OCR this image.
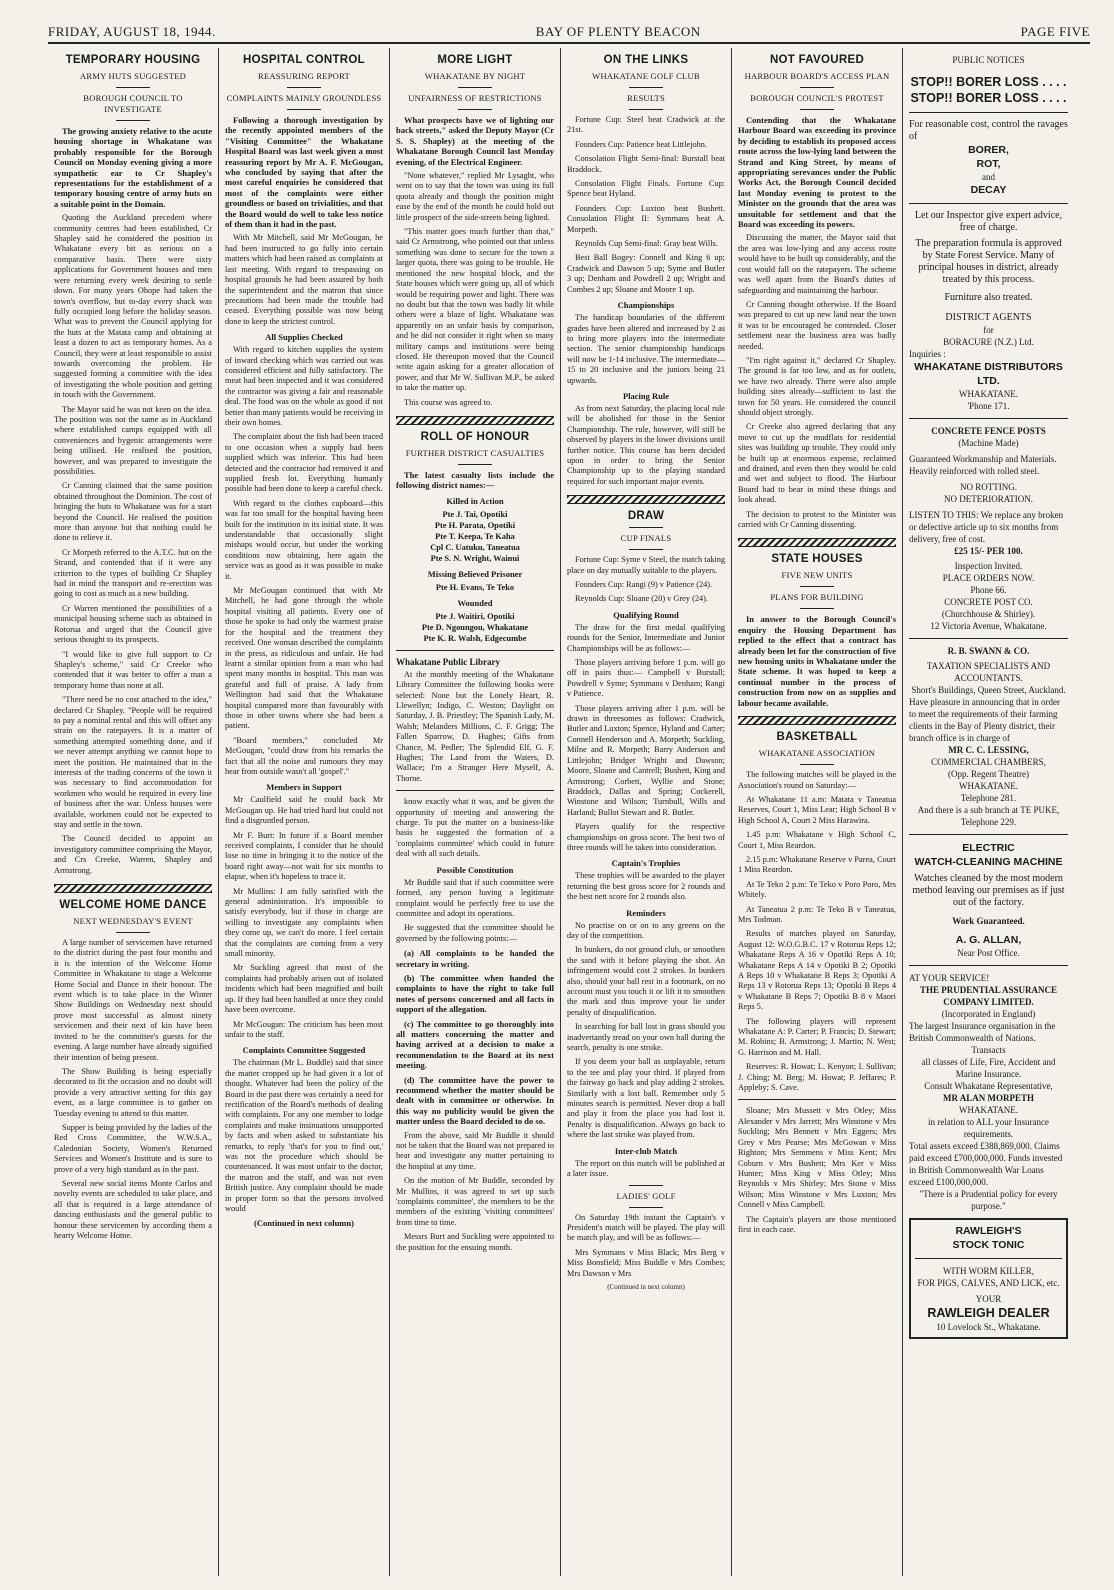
FRIDAY, AUGUST 18, 1944.	BAY OF PLENTY BEACON	PAGE FIVE
TEMPORARY HOUSING
ARMY HUTS SUGGESTED
BOROUGH COUNCIL TO INVESTIGATE

The growing anxiety relative to the acute housing shortage in Whakatane was probably responsible for the Borough Council on Monday evening giving a more sympathetic ear to Cr Shapley's representations for the establishment of a temporary housing centre of army huts on a suitable point in the Domain.

Quoting the Auckland precedent where community centres had been established, Cr Shapley said he considered the position in Whakatane every bit as serious on a comparative basis. There were sixty applications for Government houses and men were returning every week desiring to settle down. For many years Ohope had taken the town's overflow, but to-day every shack was fully occupied long before the holiday season. What was to prevent the Council applying for the huts at the Matata camp and obtaining at least a dozen to act as temporary homes. As a Council, they were at least responsible to assist towards overcoming the problem. He suggested forming a committee with the idea of investigating the whole position and getting in touch with the Government.

The Mayor said he was not keen on the idea. The position was not the same as in Auckland where established camps equipped with all conveniences and hygenic arrangements were being utilised. He realised the position, however, and was prepared to investigate the possibilities.

Cr Canning claimed that the same position obtained throughout the Dominion. The cost of bringing the huts to Whakatane was for a start beyond the Council. He realised the position more than anyone but that nothing could be done to relieve it.

Cr Morpeth referred to the A.T.C. hut on the Strand, and contended that if it were any criterion to the types of building Cr Shapley had in mind the transport and re-erection was going to cost as much as a new building.

Cr Warren mentioned the possibilities of a municipal housing scheme such as obtained in Rotorua and urged that the Council give serious thought to its prospects.

"I would like to give full support to Cr Shapley's scheme," said Cr Creeke who contended that it was better to offer a man a temporary home than none at all.

"There need be no cost attached to the idea," declared Cr Shapley. "People will be required to pay a nominal rental and this will offset any strain on the ratepayers. It is a matter of something attempted something done, and if we never attempt anything we cannot hope to meet the position. He maintained that in the interests of the trading concerns of the town it was necessary to find accommodation for workmen who would be required in every line of business after the war. Unless houses were available, workmen could not be expected to stay and settle in the town.

The Council decided to appoint an investigatory committee comprising the Mayor, and Crs Creeke, Warren, Shapley and Armstrong.

WELCOME HOME DANCE
NEXT WEDNESDAY'S EVENT

A large number of servicemen have returned to the district during the past four months and it is the intention of the Welcome Home Committee in Whakatane to stage a Welcome Home Social and Dance in their honour. The event which is to take place in the Winter Show Buildings on Wednesday next should prove most successful as almost ninety servicemen and their next of kin have been invited to be the committee's guests for the evening. A large number have already signified their intention of being present.

The Show Building is being especially decorated to fit the occasion and no doubt will provide a very attractive setting for this gay event, as a large committee is to gather on Tuesday evening to attend to this matter.

Supper is being provided by the ladies of the Red Cross Committee, the W.W.S.A., Caledonian Society, Women's Returned Services and Women's Institute and is sure to prove of a very high standard as in the past.

Several new social items Monte Carlos and novelty events are scheduled to take place, and all that is required is a large attendance of dancing enthusiasts and the general public to honour these servicemen by according them a hearty Welcome Home.

HOSPITAL CONTROL
REASSURING REPORT
COMPLAINTS MAINLY GROUNDLESS

Following a thorough investigation by the recently appointed members of the "Visiting Committee" the Whakatane Hospital Board was last week given a most reassuring report by Mr A. F. McGougan, who concluded by saying that after the most careful enquiries he considered that most of the complaints were either groundless or based on trivialities, and that the Board would do well to take less notice of them than it had in the past.

With Mr Mitchell, said Mr McGougan, he had been instructed to go fully into certain matters which had been raised as complaints at last meeting. With regard to trespassing on hospital grounds he had been assured by both the superintendent and the matron that since precautions had been made the trouble had ceased. Everything possible was now being done to keep the strictest control.

All Supplies Checked

With regard to kitchen supplies the system of inward checking which was carried out was considered efficient and fully satisfactory. The meat had been inspected and it was considered the contractor was giving a fair and reasonable deal. The food was on the whole as good if not better than many patients would be receiving in their own homes.

The complaint about the fish had been traced to one occasion when a supply had been supplied which was inferior. This had been detected and the contractor had removed it and supplied fresh lot. Everything humanly possible had been done to keep a careful check.

With regard to the clothes cupboard—this was far too small for the hospital having been built for the institution in its initial state. It was understandable that occasionally slight mishaps would occur, but under the working conditions now obtaining, here again the service was as good as it was possible to make it.

Mr McGougan continued that with Mr Mitchell, he had gone through the whole hospital visiting all patients. Every one of those he spoke to had only the warmest praise for the hospital and the treatment they received. One woman described the complaints in the press, as ridiculous and unfair. He had learnt a similar opinion from a man who had spent many months in hospital. This man was grateful and full of praise. A lady from Wellington had said that the Whakatane hospital compared more than favourably with those in other towns where she had been a patient.

"Board members," concluded Mr McGougan, "could draw from his remarks the fact that all the noise and rumours they may hear from outside wasn't all 'gospel'."

Members in Support

Mr Caulfield said he could back Mr McGougan up. He had tried hard but could not find a disgruntled person.

Mr F. Burt: In future if a Board member received complaints, I consider that he should lose no time in bringing it to the notice of the board right away—not wait for six months to elapse, when it's hopeless to trace it.

Mr Mullins: I am fully satisfied with the general administration. It's impossible to satisfy everybody, but if those in charge are willing to investigate any complaints when they come up, we can't do more. I feel certain that the complaints are coming from a very small minority.

Mr Suckling agreed that most of the complaints had probably arisen out of isolated incidents which had been magnified and built up. If they had been handled at once they could have been overcome.

Mr McGougan: The criticism has been most unfair to the staff.

Complaints Committee Suggested

The chairman (Mr L. Buddle) said that since the matter cropped up he had given it a lot of thought. Whatever had been the policy of the Board in the past there was certainly a need for rectification of the Board's methods of dealing with complaints. For any one member to lodge complaints and make insinuations unsupported by facts and when asked to substantiate his remarks, to reply 'that's for you to find out,' was not the procedure which should be countenanced. It was most unfair to the doctor, the matron and the staff, and was not even British justice. Any complaint should be made in proper form so that the persons involved would

(Continued in next column)
MORE LIGHT
WHAKATANE BY NIGHT
UNFAIRNESS OF RESTRICTIONS

What prospects have we of lighting our back streets," asked the Deputy Mayor (Cr S. S. Shapley) at the meeting of the Whakatane Borough Council last Monday evening, of the Electrical Engineer.

"None whatever," replied Mr Lysaght, who went on to say that the town was using its full quota already and though the position might ease by the end of the month he could hold out little prospect of the side-streets being lighted.

"This matter goes much further than that," said Cr Armstrong, who pointed out that unless something was done to secure for the town a larger quota, there was going to be trouble. He mentioned the new hospital block, and the State houses which were going up, all of which would be requiring power and light. There was no doubt but that the town was badly lit while others were a blaze of light. Whakatane was apparently on an unfair basis by comparison, and he did not consider it right when so many military camps and institutions were being closed. He thereupon moved that the Council write again asking for a greater allocation of power, and that Mr W. Sullivan M.P., be asked to take the matter up.

This course was agreed to.

ROLL OF HONOUR
FURTHER DISTRICT CASUALTIES

The latest casualty lists include the following district names:—

Killed in Action
Pte J. Tai, Opotiki
Pte H. Parata, Opotiki
Pte T. Keepa, Te Kaha
Cpl C. Uatuku, Taneatua
Pte S. N. Wright, Wainui
Missing Believed Prisoner
Pte H. Evans, Te Teko
Wounded
Pte J. Waitiri, Opotiki
Pte D. Ngoungou, Whakatane
Pte K. R. Walsh, Edgecumbe
Whakatane Public Library

At the monthly meeting of the Whakatane Library Committee the following books were selected: None but the Lonely Heart, R. Llewellyn; Indigo, C. Weston; Daylight on Saturday, J. B. Priestley; The Spanish Lady, M. Walsh; Melanders Millions, C. F. Grigg; The Fallen Sparrow, D. Hughes; Gifts from Chance, M. Pedler; The Splendid Elf, G. F. Hughes; The Land from the Waters, D. Wallace; I'm a Stranger Here Myself, A. Thorne.

know exactly what it was, and be given the opportunity of meeting and answering the charge. To put the matter on a business-like basis he suggested the formation of a 'complaints committee' which could in future deal with all such details.

Possible Constitution

Mr Buddle said that if such committee were formed, any person having a legitimate complaint would be perfectly free to use the committee and adopt its operations.

He suggested that the committee should be governed by the following points:—

(a) All complaints to be handed the secretary in writing.

(b) The committee when handed the complaints to have the right to take full notes of persons concerned and all facts in support of the allegation.

(c) The committee to go thoroughly into all matters concerning the matter and having arrived at a decision to make a recommendation to the Board at its next meeting.

(d) The committee have the power to recommend whether the matter should be dealt with in committee or otherwise. In this way no publicity would be given the matter unless the Board decided to do so.

From the above, said Mr Buddle it should not be taken that the Board was not prepared to hear and investigate any matter pertaining to the hospital at any time.

On the motion of Mr Buddle, seconded by Mr Mullins, it was agreed to set up such 'complaints committee', the members to be the members of the existing 'visiting committees' from time to time.

Messrs Burt and Suckling were appointed to the position for the ensuing month.

ON THE LINKS
WHAKATANE GOLF CLUB
RESULTS

Fortune Cup: Steel beat Cradwick at the 21st.

Founders Cup: Patience beat Littlejohn.

Consolation Flight Semi-final: Burstall beat Braddock.

Consolation Flight Finals. Fortune Cup: Spence beat Hyland.

Founders Cup: Luxton beat Bushett. Consolation Flight II: Symmans beat A. Morpeth.

Reynolds Cup Semi-final: Gray beat Wills.

Best Ball Bogey: Connell and King 6 up; Cradwick and Dawson 5 up; Syme and Butler 3 up; Denham and Powdrell 2 up; Wright and Combes 2 up; Sloane and Moore 1 up.

Championships

The handicap boundaries of the different grades have been altered and increased by 2 as to bring more players into the intermediate section. The senior championship handicaps will now be 1-14 inclusive. The intermediate—15 to 20 inclusive and the juniors being 21 upwards.

Placing Rule

As from next Saturday, the placing local rule will be abolished for those in the Senior Championship. The rule, however, will still be observed by players in the lower divisions until further notice. This course has been decided upon in order to bring the Senior Championship up to the playing standard required for such important major events.

DRAW
CUP FINALS

Fortune Cup: Syme v Steel, the match taking place on day mutually suitable to the players.

Founders Cup: Rangi (9) v Patience (24).

Reynolds Cup: Sloane (20) v Grey (24).

Qualifying Round

The draw for the first medal qualifying rounds for the Senior, Intermediate and Junior Championships will be as follows:—

Those players arriving before 1 p.m. will go off in pairs thus:— Campbell v Burstall; Powdrell v Syme; Symmans v Denham; Rangi v Patience.

Those players arriving after 1 p.m. will be drawn in threesomes as follows: Cradwick, Butler and Luxton; Spence, Hyland and Carter; Connell Henderson and A. Morpeth; Suckling, Milne and R. Morpeth; Barry Anderson and Littlejohn; Bridger Wright and Dawson; Moore, Sloane and Cantrell; Bushett, King and Armstrong; Corbett, Wyllie and Stone; Braddock, Dallas and Spring; Cockerell, Winstone and Wilson; Turnbull, Wills and Harland; Bullot Stewart and R. Butler.

Players qualify for the respective championships on gross score. The best two of three rounds will be taken into consideration.

Captain's Trophies

These trophies will be awarded to the player returning the best gross score for 2 rounds and the best nett score for 2 rounds also.

Reminders

No practise on or on to any greens on the day of the competition.

In bunkers, do not ground club, or smoothen the sand with it before playing the shot. An infringement would cost 2 strokes. In bunkers also, should your ball rest in a footmark, on no account must you touch it or lift it to smoothen the mark and thus improve your lie under penalty of disqualification.

In searching for ball lost in grass should you inadvertantly tread on your own ball during the search, penalty is one stroke.

If you deem your ball as unplayable, return to the tee and play your third. If played from the fairway go back and play adding 2 strokes. Similarly with a lost ball. Remember only 5 minutes search is permitted. Never drop a ball and play it from the place you had lost it. Penalty is disqualification. Always go back to where the last stroke was played from.

Inter-club Match

The report on this match will be published at a later issue.

LADIES' GOLF

On Saturday 19th instant the Captain's v President's match will be played. The play will be match play, and will be as follows:—

Mrs Symmans v Miss Black; Mrs Berg v Miss Bonsfield; Miss Buddle v Mrs Combes; Mrs Dawson v Mrs

(Continued in next column)
NOT FAVOURED
HARBOUR BOARD'S ACCESS PLAN
BOROUGH COUNCIL'S PROTEST

Contending that the Whakatane Harbour Board was exceeding its province by deciding to establish its proposed access route across the low-lying land between the Strand and King Street, by means of appropriating serevances under the Public Works Act, the Borough Council decided last Monday evening to protest to the Minister on the grounds that the area was unsuitable for settlement and that the Board was exceeding its powers.

Discussing the matter, the Mayor said that the area was low-lying and any access route would have to be built up considerably, and the cost would fall on the ratepayers. The scheme was well apart from the Board's duties of safeguarding and maintaining the harbour.

Cr Canning thought otherwise. If the Board was prepared to cut up new land near the town it was to be encouraged he contended. Closer settlement near the business area was badly needed.

"I'm right against it," declared Cr Shapley. The ground is far too low, and as for outlets, we have two already. There were also ample building sites already—sufficient to last the town for 50 years. He considered the council should object strongly.

Cr Creeke also agreed declaring that any move to cut up the mudflats for residential sites was building up trouble. They could only be built up at enormous expense, reclaimed and drained, and even then they would be cold and wet and subject to flood. The Harbour Board had to bear in mind these things and look ahead.

The decision to protest to the Minister was carried with Cr Canning dissenting.

STATE HOUSES
FIVE NEW UNITS
PLANS FOR BUILDING

In answer to the Borough Council's enquiry the Housing Department has replied to the effect that a contract has already been let for the construction of five new housing units in Whakatane under the State scheme. It was hoped to keep a continual number in the process of construction from now on as supplies and labour became available.

BASKETBALL
WHAKATANE ASSOCIATION

The following matches will be played in the Association's round on Saturday:—

At Whakatane 11 a.m: Matata v Taneatua Reserves, Court 1, Miss Lear; High School B v High School A, Court 2 Miss Harawira.

1.45 p.m: Whakatane v High School C, Court 1, Miss Reardon.

2.15 p.m: Whakatane Reserve v Parea, Court 1 Miss Reardon.

At Te Teko 2 p.m: Te Teko v Poro Poro, Mrs Whitely.

At Taneatua 2 p.m: Te Teko B v Taneatua, Mrs Todman.

Results of matches played on Saturday, August 12: W.O.G.B.C. 17 v Rotorua Reps 12; Whakatane Reps A 16 v Opotiki Reps A 10; Whakatane Reps A 14 v Opotiki B 2; Opotiki A Reps 10 v Whakatane B Reps 3; Opotiki A Reps 13 v Rotorua Reps 13; Opotiki B Reps 4 v Whakatane B Reps 7; Opotiki B 8 v Maori Reps 5.

The following players will represent Whakatane A: P. Carter; P. Francis; D. Stewart; M. Robins; B. Armstrong; J. Martin; N. West; G. Harrison and M. Hall.

Reserves: R. Howat; L. Kenyon; I. Sullivan; J. Ching; M. Berg; M. Howat; P. Jeffares; P. Appleby; S. Cave.

Sloane; Mrs Mussett v Mrs Otley; Miss Alexander v Mrs Jarrett; Mrs Winstone v Mrs Suckling; Mrs Bennett v Mrs Eggers; Mrs Grey v Mrs Pearse; Mrs McGowan v Miss Righton; Mrs Semmens v Miss Kent; Mrs Coburn v Mrs Bushett; Mrs Ker v Miss Hunter; Miss King v Miss Otley; Miss Reynolds v Mrs Shirley; Mrs Stone v Miss Wilson; Miss Winstone v Mrs Luxton; Mrs Connell v Miss Campbell.

The Captain's players are those mentioned first in each case.

PUBLIC NOTICES
STOP!! BORER LOSS . . . .
STOP!! BORER LOSS . . . .
For reasonable cost, control the ravages of
BORER,
ROT,
and
DECAY
Let our Inspector give expert advice, free of charge.
The preparation formula is approved by State Forest Service. Many of principal houses in district, already treated by this process.
Furniture also treated.
DISTRICT AGENTS
for
BORACURE (N.Z.) Ltd.
Inquiries :
WHAKATANE DISTRIBUTORS LTD.
WHAKATANE.
'Phone 171.
CONCRETE FENCE POSTS
(Machine Made)
Guaranteed Workmanship and Materials. Heavily reinforced with rolled steel.
NO ROTTING.
NO DETERIORATION.
LISTEN TO THIS: We replace any broken or defective article up to six months from delivery, free of cost.
£25 15/- PER 100.
Inspection Invited.
PLACE ORDERS NOW.
Phone 66.
CONCRETE POST CO.
(Churchhouse & Shirley).
12 Victoria Avenue, Whakatane.
R. B. SWANN & CO.
TAXATION SPECIALISTS AND ACCOUNTANTS.
Short's Buildings, Queen Street, Auckland.
Have pleasure in announcing that in order to meet the requirements of their farming clients in the Bay of Plenty district, their branch office is in charge of
MR C. C. LESSING,
COMMERCIAL CHAMBERS,
(Opp. Regent Theatre)
WHAKATANE.
Telephone 281.
And there is a sub branch at TE PUKE, Telephone 229.
ELECTRIC
WATCH-CLEANING MACHINE
Watches cleaned by the most modern method leaving our premises as if just out of the factory.
Work Guaranteed.
A. G. ALLAN,
Near Post Office.
AT YOUR SERVICE!
THE PRUDENTIAL ASSURANCE COMPANY LIMITED.
(Incorporated in England)
The largest Insurance organisation in the British Commonwealth of Nations.
Transacts
all classes of Life, Fire, Accident and Marine Insurance.
Consult Whakatane Representative,
MR ALAN MORPETH
WHAKATANE.
in relation to ALL your Insurance requirements.
Total assets exceed £388,869,000. Claims paid exceed £700,000,000. Funds invested in British Commonwealth War Loans exceed £100,000,000.
"There is a Prudential policy for every purpose."
RAWLEIGH'S
STOCK TONIC
WITH WORM KILLER,
FOR PIGS, CALVES, AND LICK, etc.
YOUR
RAWLEIGH DEALER
10 Lovelock St., Whakatane.
